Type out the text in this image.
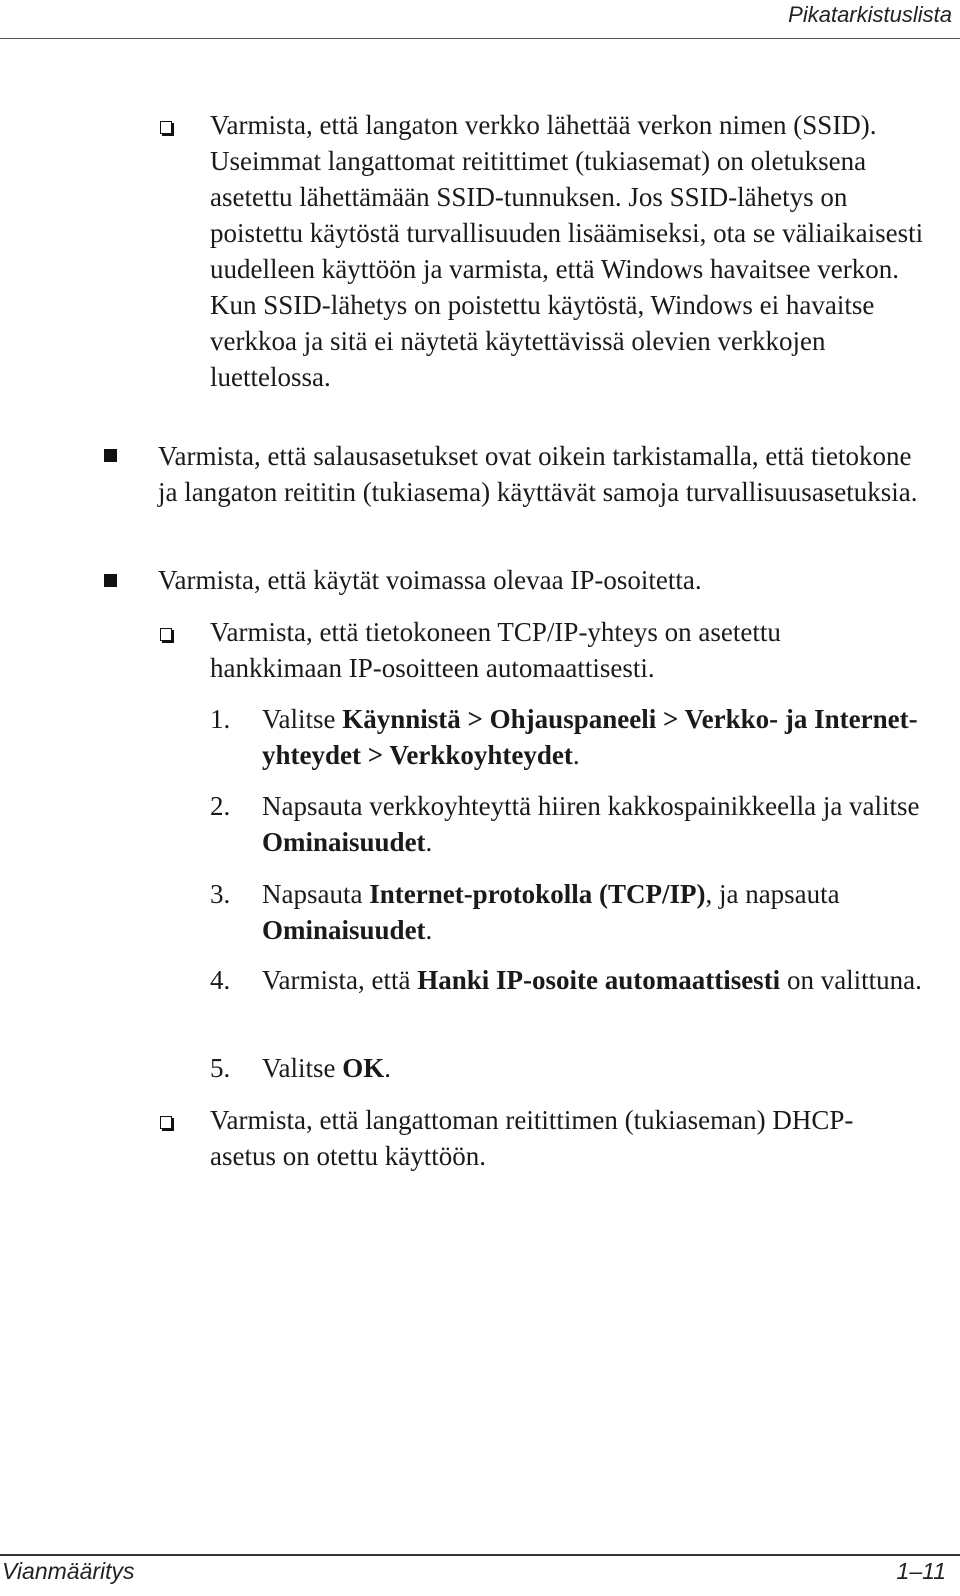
Pikatarkistuslista

Varmista, että langaton verkko lähettää verkon nimen (SSID). Useimmat langattomat reitittimet (tukiasemat) on oletuksena asetettu lähettämään SSID-tunnuksen. Jos SSID-lähetys on poistettu käytöstä turvallisuuden lisäämiseksi, ota se väliaikaisesti uudelleen käyttöön ja varmista, että Windows havaitsee verkon. Kun SSID-lähetys on poistettu käytöstä, Windows ei havaitse verkkoa ja sitä ei näytetä käytettävissä olevien verkkojen luettelossa.

Varmista, että salausasetukset ovat oikein tarkistamalla, että tietokone ja langaton reititin (tukiasema) käyttävät samoja turvallisuusasetuksia.

Varmista, että käytät voimassa olevaa IP-osoitetta.

Varmista, että tietokoneen TCP/IP-yhteys on asetettu hankkimaan IP-osoitteen automaattisesti.

1. Valitse Käynnistä > Ohjauspaneeli > Verkko- ja Internet-yhteydet > Verkkoyhteydet.

2. Napsauta verkkoyhteyttä hiiren kakkospainikkeella ja valitse Ominaisuudet.

3. Napsauta Internet-protokolla (TCP/IP), ja napsauta Ominaisuudet.

4. Varmista, että Hanki IP-osoite automaattisesti on valittuna.

5. Valitse OK.

Varmista, että langattoman reitittimen (tukiaseman) DHCP-asetus on otettu käyttöön.

Vianmääritys	1–11
